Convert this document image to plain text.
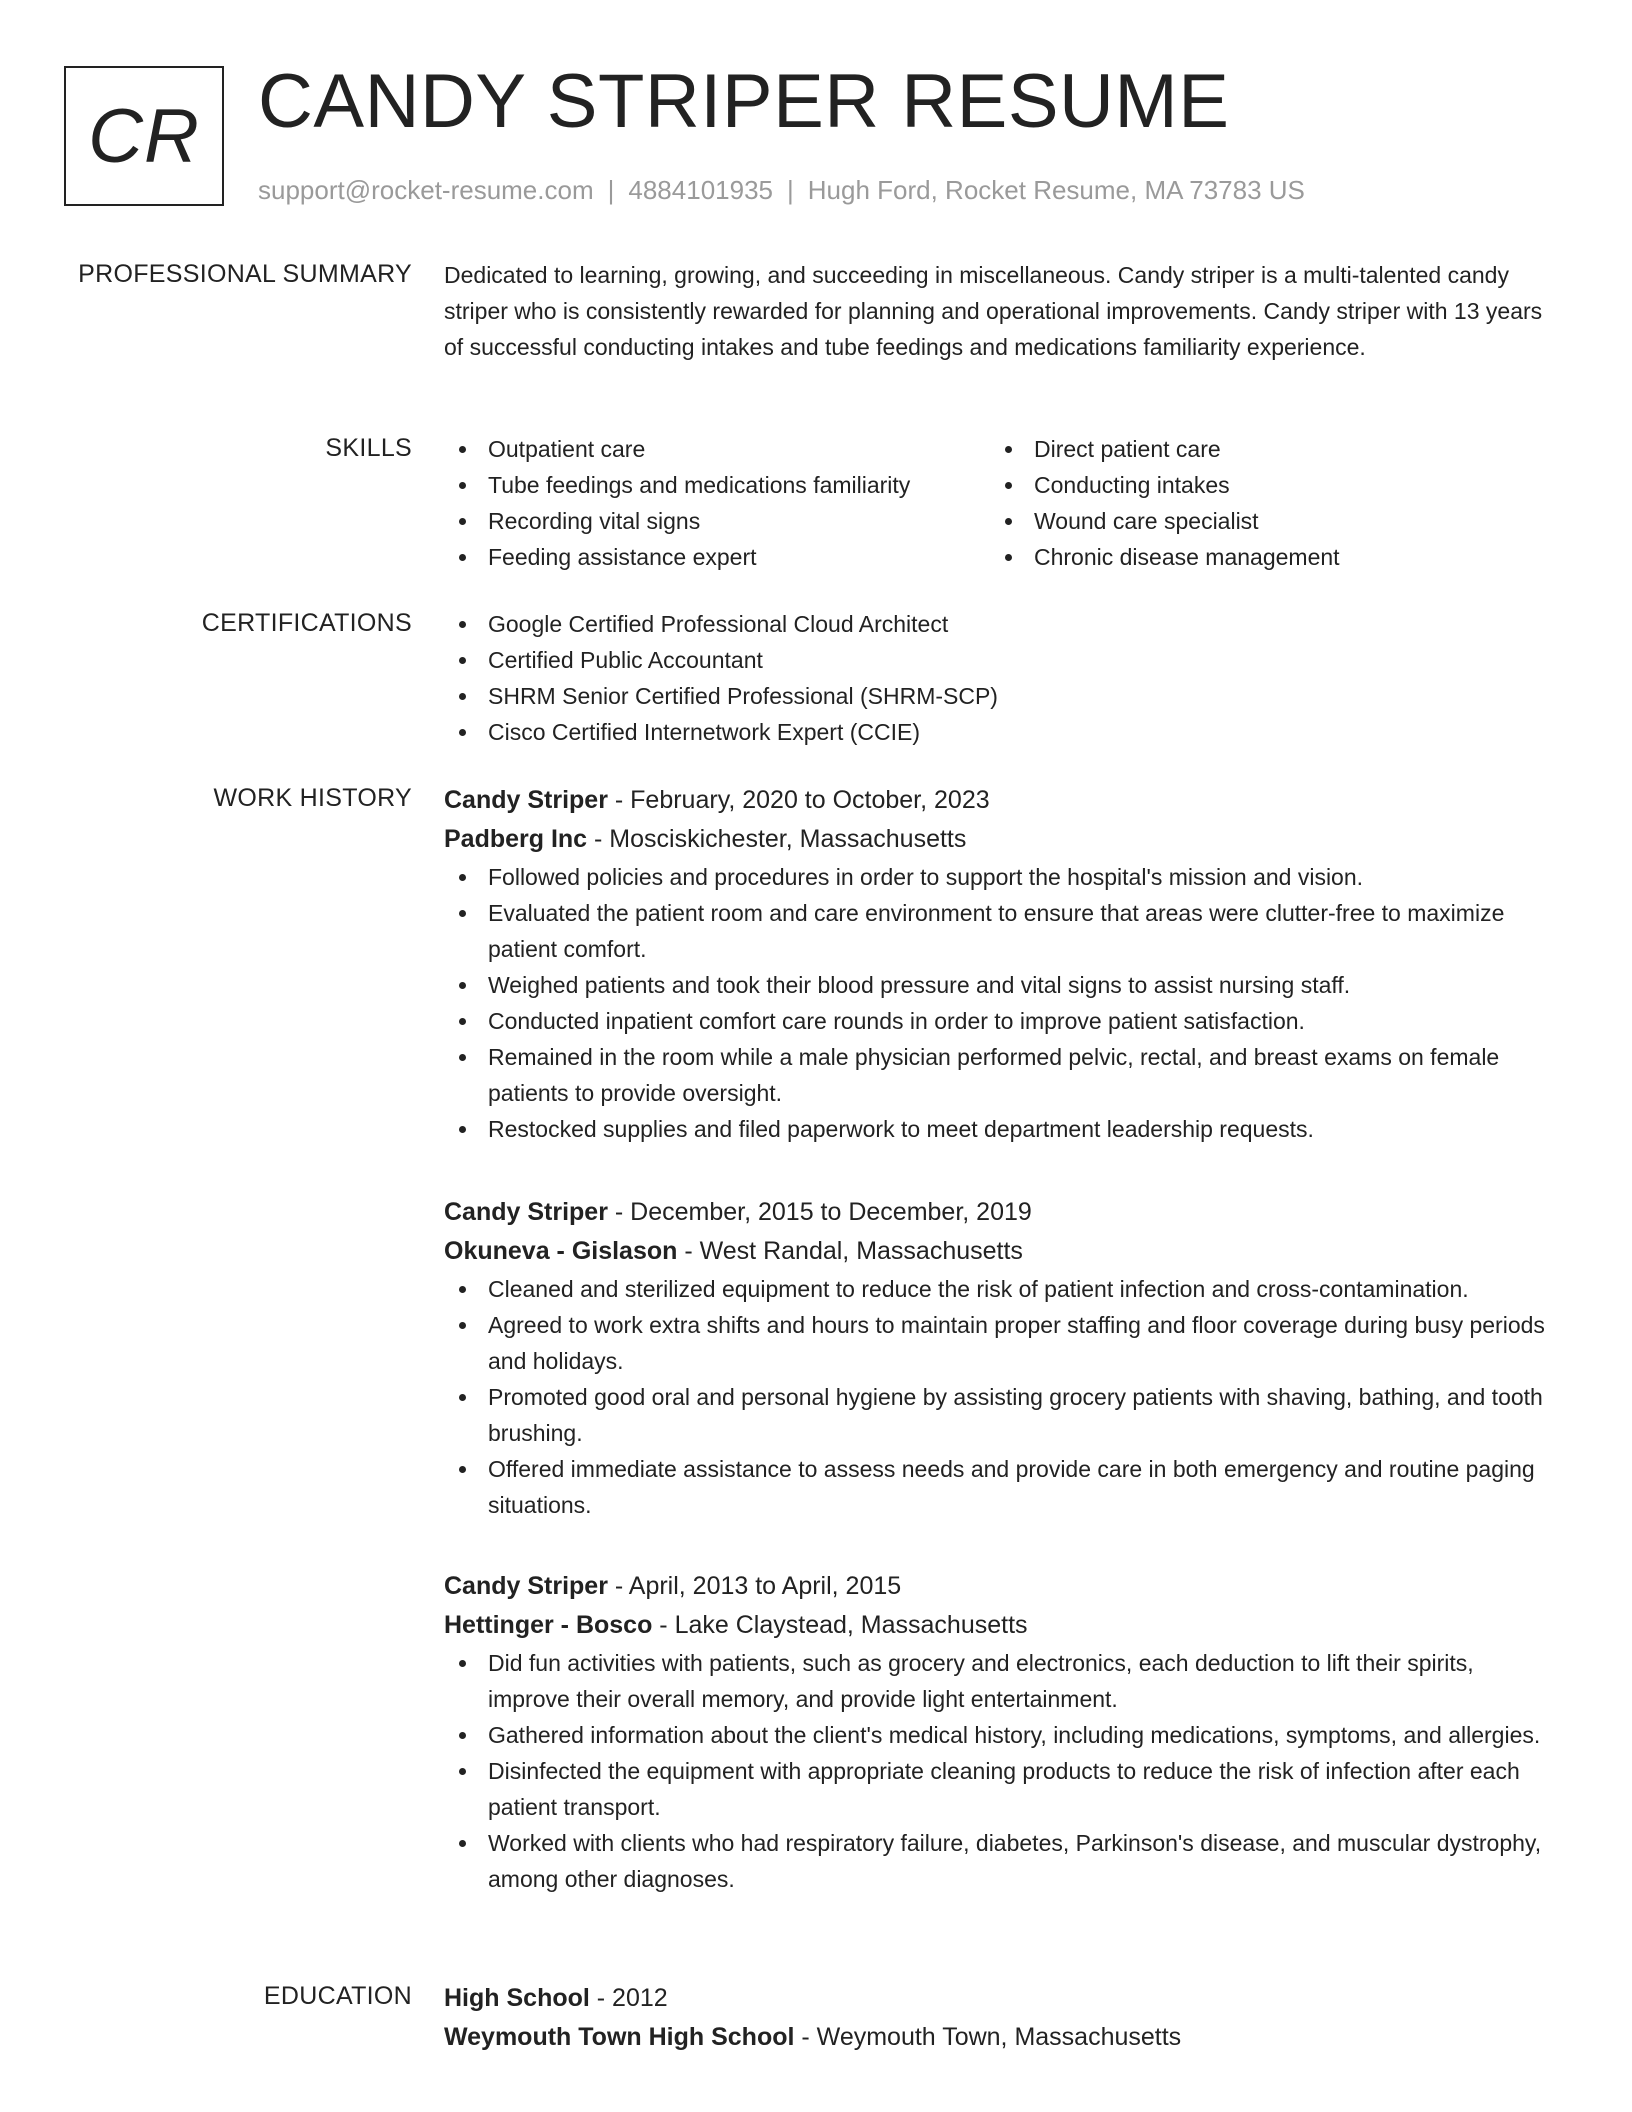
CR CANDY STRIPER RESUME
support@rocket-resume.com | 4884101935 | Hugh Ford, Rocket Resume, MA 73783 US
PROFESSIONAL SUMMARY Dedicated to learning, growing, and succeeding in miscellaneous. Candy striper is a multi-talented candy striper who is consistently rewarded for planning and operational improvements. Candy striper with 13 years of successful conducting intakes and tube feedings and medications familiarity experience.

SKILLS	Outpatient care
Tube feedings and medications familiarity
Recording vital signs
Feeding assistance expert
Direct patient care
Conducting intakes
Wound care specialist
Chronic disease management
CERTIFICATIONS	Google Certified Professional Cloud Architect
Certified Public Accountant
SHRM Senior Certified Professional (SHRM-SCP)
Cisco Certified Internetwork Expert (CCIE)
WORK HISTORY Candy Striper - February, 2020 to October, 2023
Padberg Inc - Mosciskichester, Massachusetts
Followed policies and procedures in order to support the hospital's mission and vision.
Evaluated the patient room and care environment to ensure that areas were clutter-free to maximize patient comfort.
Weighed patients and took their blood pressure and vital signs to assist nursing staff.
Conducted inpatient comfort care rounds in order to improve patient satisfaction.
Remained in the room while a male physician performed pelvic, rectal, and breast exams on female patients to provide oversight.
Restocked supplies and filed paperwork to meet department leadership requests.
Candy Striper - December, 2015 to December, 2019
Okuneva - Gislason - West Randal, Massachusetts
Cleaned and sterilized equipment to reduce the risk of patient infection and cross-contamination.
Agreed to work extra shifts and hours to maintain proper staffing and floor coverage during busy periods and holidays.
Promoted good oral and personal hygiene by assisting grocery patients with shaving, bathing, and tooth brushing.
Offered immediate assistance to assess needs and provide care in both emergency and routine paging situations.
Candy Striper - April, 2013 to April, 2015
Hettinger - Bosco - Lake Claystead, Massachusetts
Did fun activities with patients, such as grocery and electronics, each deduction to lift their spirits, improve their overall memory, and provide light entertainment.
Gathered information about the client's medical history, including medications, symptoms, and allergies.
Disinfected the equipment with appropriate cleaning products to reduce the risk of infection after each patient transport.
Worked with clients who had respiratory failure, diabetes, Parkinson's disease, and muscular dystrophy, among other diagnoses.
EDUCATION High School - 2012
Weymouth Town High School - Weymouth Town, Massachusetts
